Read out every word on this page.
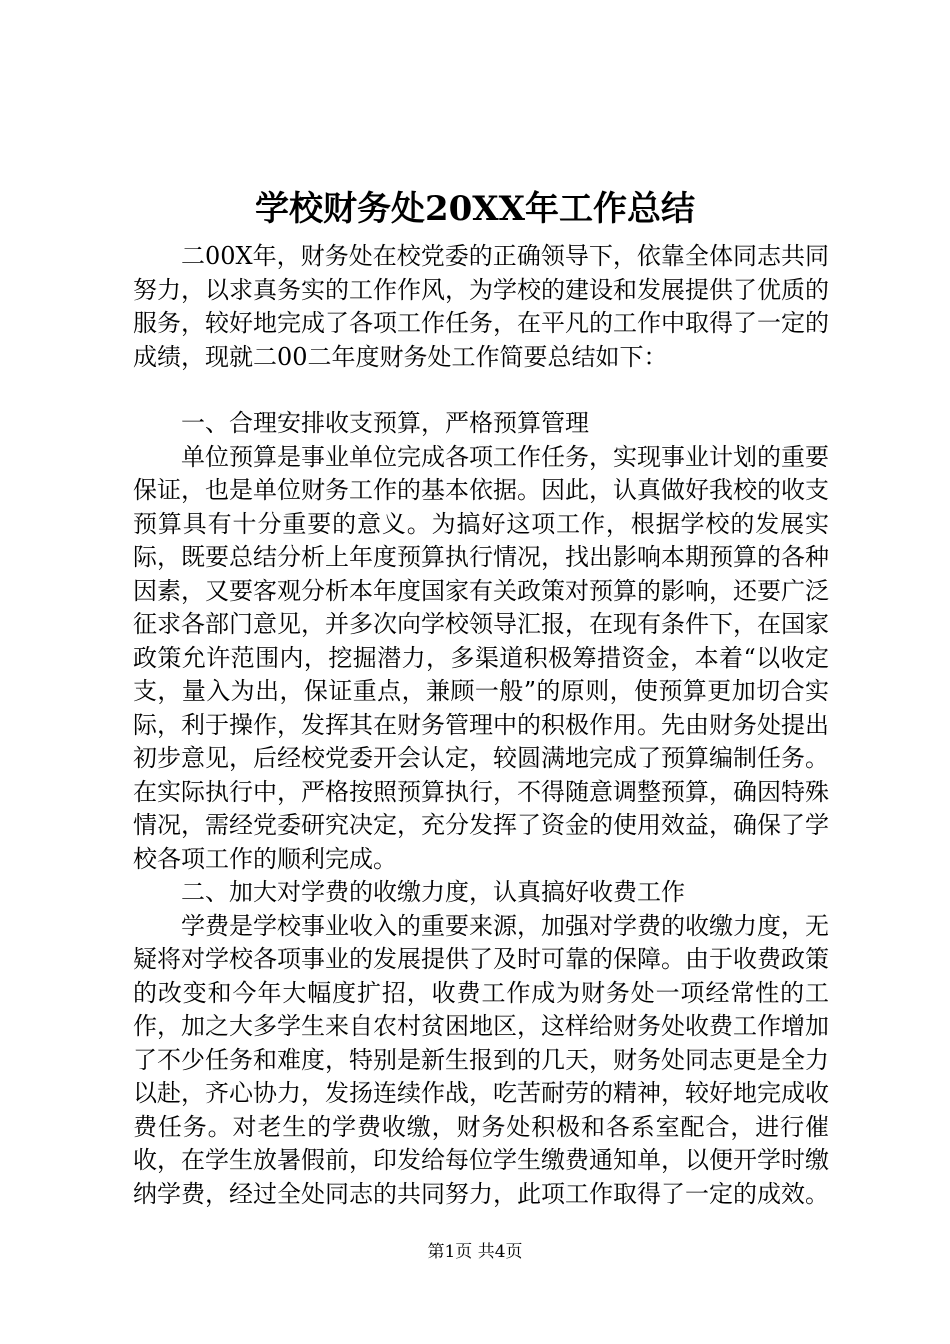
学校财务处20XX年工作总结

二00X年，财务处在校党委的正确领导下，依靠全体同志共同努力，以求真务实的工作作风，为学校的建设和发展提供了优质的服务，较好地完成了各项工作任务，在平凡的工作中取得了一定的成绩，现就二00二年度财务处工作简要总结如下：

一、合理安排收支预算，严格预算管理

单位预算是事业单位完成各项工作任务，实现事业计划的重要保证，也是单位财务工作的基本依据。因此，认真做好我校的收支预算具有十分重要的意义。为搞好这项工作，根据学校的发展实际，既要总结分析上年度预算执行情况，找出影响本期预算的各种因素，又要客观分析本年度国家有关政策对预算的影响，还要广泛征求各部门意见，并多次向学校领导汇报，在现有条件下，在国家政策允许范围内，挖掘潜力，多渠道积极筹措资金，本着“以收定支，量入为出，保证重点，兼顾一般”的原则，使预算更加切合实际，利于操作，发挥其在财务管理中的积极作用。先由财务处提出初步意见，后经校党委开会认定，较圆满地完成了预算编制任务。在实际执行中，严格按照预算执行，不得随意调整预算，确因特殊情况，需经党委研究决定，充分发挥了资金的使用效益，确保了学校各项工作的顺利完成。

二、加大对学费的收缴力度，认真搞好收费工作

学费是学校事业收入的重要来源，加强对学费的收缴力度，无疑将对学校各项事业的发展提供了及时可靠的保障。由于收费政策的改变和今年大幅度扩招，收费工作成为财务处一项经常性的工作，加之大多学生来自农村贫困地区，这样给财务处收费工作增加了不少任务和难度，特别是新生报到的几天，财务处同志更是全力以赴，齐心协力，发扬连续作战，吃苦耐劳的精神，较好地完成收费任务。对老生的学费收缴，财务处积极和各系室配合，进行催收，在学生放暑假前，印发给每位学生缴费通知单，以便开学时缴纳学费，经过全处同志的共同努力，此项工作取得了一定的成效。

第1页 共4页
